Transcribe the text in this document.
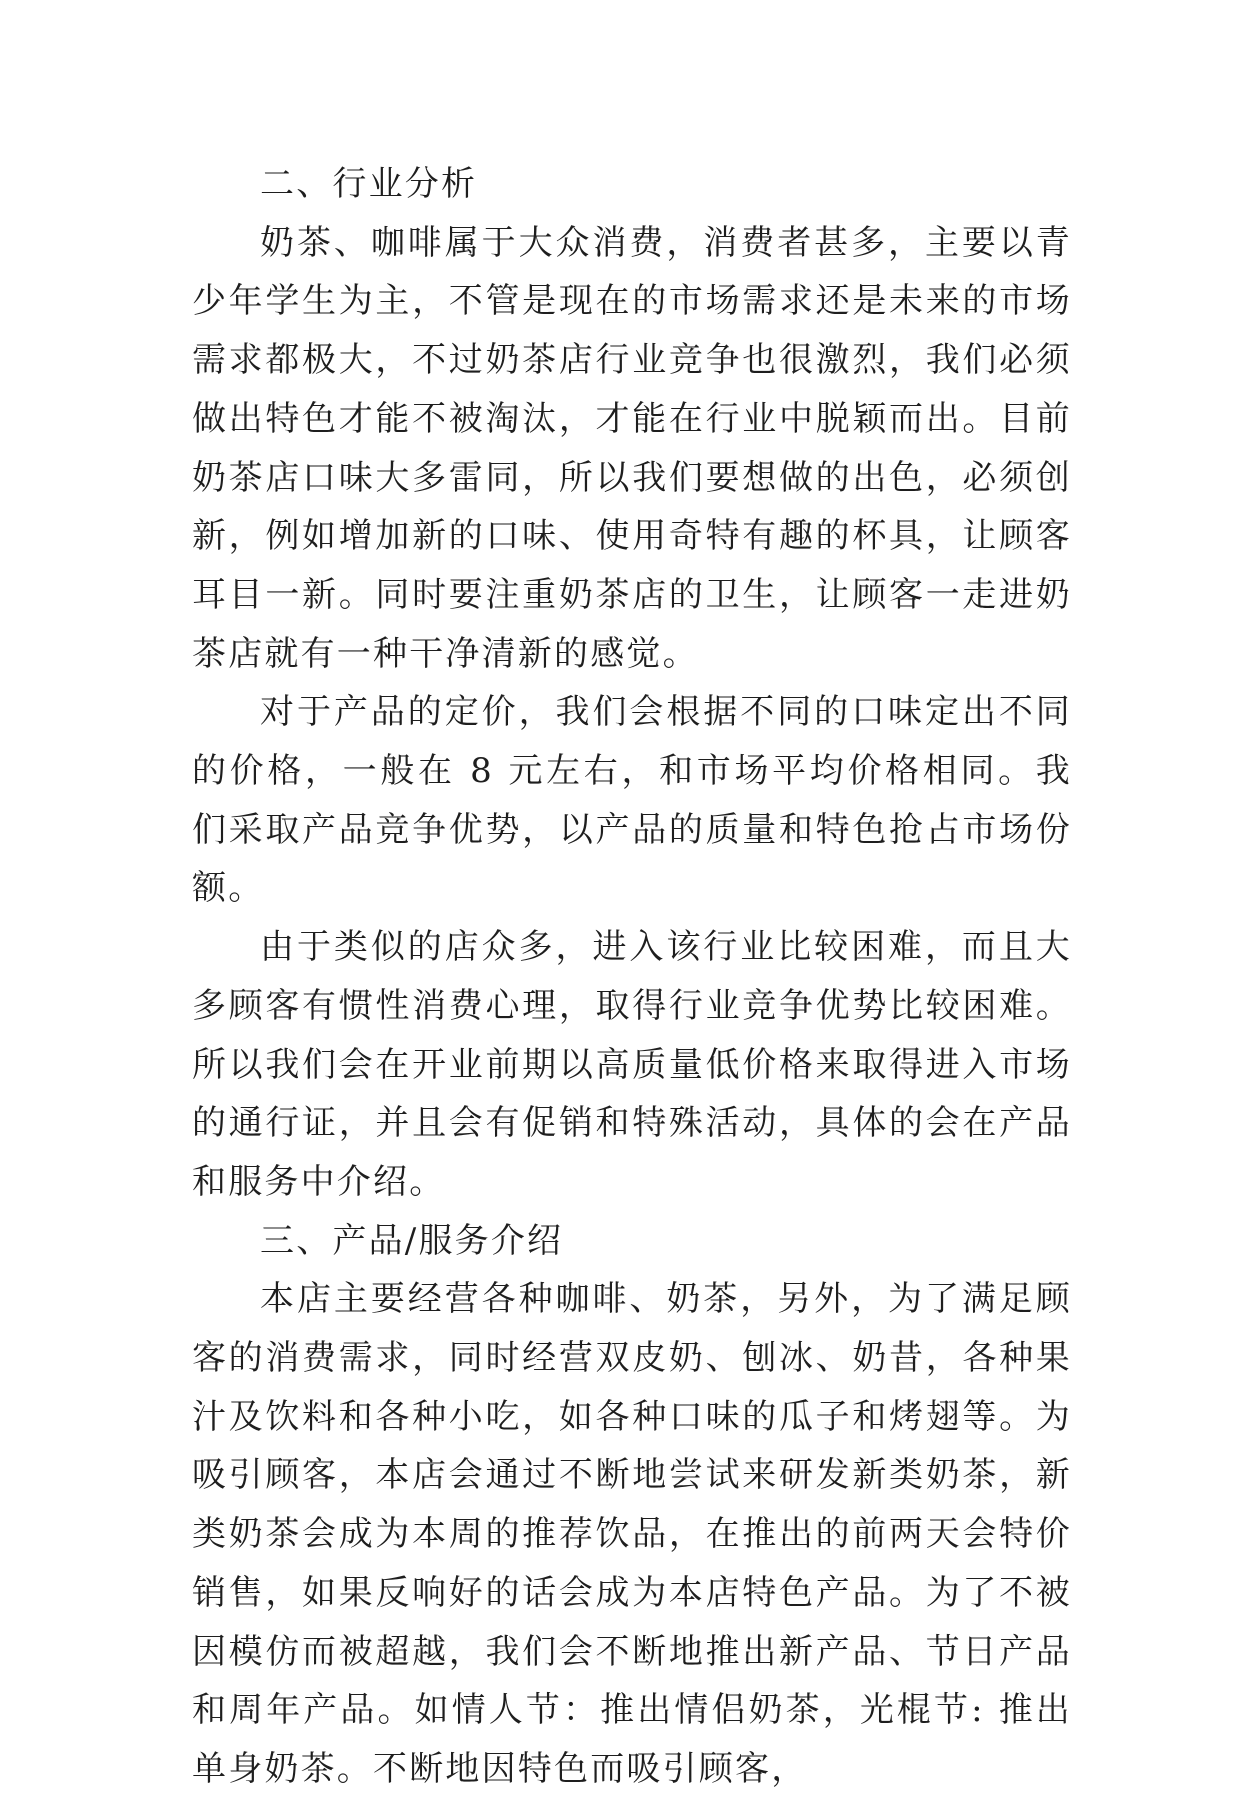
二、行业分析

奶茶、咖啡属于大众消费，消费者甚多，主要以青少年学生为主，不管是现在的市场需求还是未来的市场需求都极大，不过奶茶店行业竞争也很激烈，我们必须做出特色才能不被淘汰，才能在行业中脱颖而出。目前奶茶店口味大多雷同，所以我们要想做的出色，必须创新，例如增加新的口味、使用奇特有趣的杯具，让顾客耳目一新。同时要注重奶茶店的卫生，让顾客一走进奶茶店就有一种干净清新的感觉。

对于产品的定价，我们会根据不同的口味定出不同的价格，一般在 8 元左右，和市场平均价格相同。我们采取产品竞争优势，以产品的质量和特色抢占市场份额。

由于类似的店众多，进入该行业比较困难，而且大多顾客有惯性消费心理，取得行业竞争优势比较困难。所以我们会在开业前期以高质量低价格来取得进入市场的通行证，并且会有促销和特殊活动，具体的会在产品和服务中介绍。

三、产品/服务介绍

本店主要经营各种咖啡、奶茶，另外，为了满足顾客的消费需求，同时经营双皮奶、刨冰、奶昔，各种果汁及饮料和各种小吃，如各种口味的瓜子和烤翅等。为吸引顾客，本店会通过不断地尝试来研发新类奶茶，新类奶茶会成为本周的推荐饮品，在推出的前两天会特价销售，如果反响好的话会成为本店特色产品。为了不被因模仿而被超越，我们会不断地推出新产品、节日产品和周年产品。如情人节：推出情侣奶茶，光棍节: 推出单身奶茶。不断地因特色而吸引顾客，
